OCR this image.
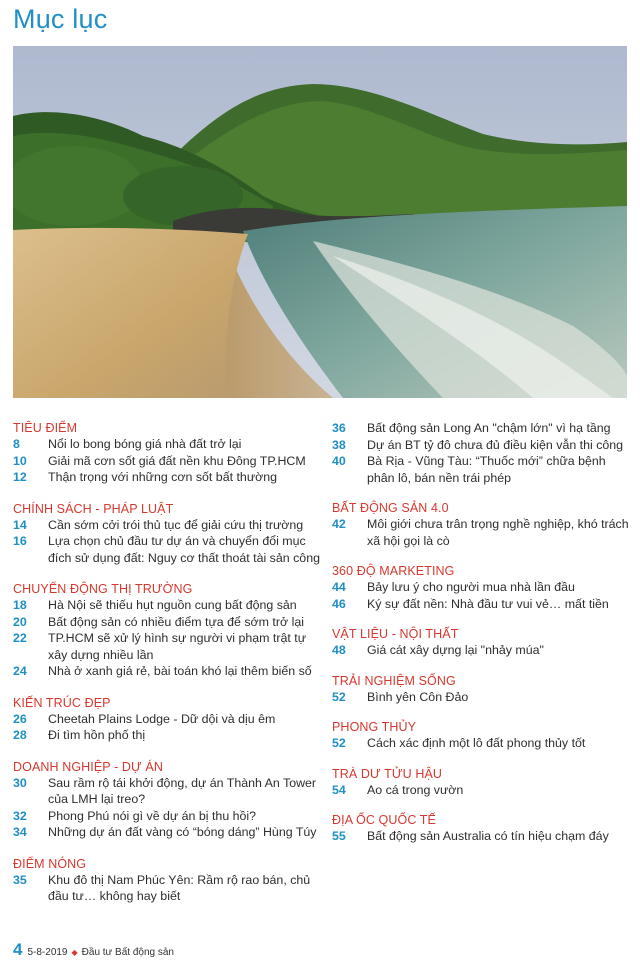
Mục lục
TIÊU ĐIỂM
8	Nổi lo bong bóng giá nhà đất trở lại
10	Giải mã cơn sốt giá đất nền khu Đông TP.HCM
12	Thận trọng với những cơn sốt bất thường
CHÍNH SÁCH - PHÁP LUẬT
14	Cần sớm cởi trói thủ tục để giải cứu thị trường
16	Lựa chọn chủ đầu tư dự án và chuyển đổi mục đích sử dụng đất: Nguy cơ thất thoát tài sản công
CHUYỂN ĐỘNG THỊ TRƯỜNG
18	Hà Nội sẽ thiếu hụt nguồn cung bất động sản
20	Bất động sản có nhiều điểm tựa để sớm trở lại
22	TP.HCM sẽ xử lý hình sự người vi phạm trật tự xây dựng nhiều lần
24	Nhà ở xanh giá rẻ, bài toán khó lại thêm biến số
KIẾN TRÚC ĐẸP
26	Cheetah Plains Lodge - Dữ dội và dịu êm
28	Đi tìm hồn phố thị
DOANH NGHIỆP - DỰ ÁN
30	Sau rầm rộ tái khởi động, dự án Thành An Tower của LMH lại treo?
32	Phong Phú nói gì về dự án bị thu hồi?
34	Những dự án đất vàng có “bóng dáng” Hùng Túy
ĐIỂM NÓNG
35	Khu đô thị Nam Phúc Yên: Rầm rộ rao bán, chủ đầu tư… không hay biết
36	Bất động sản Long An "chậm lớn" vì hạ tầng
38	Dự án BT tỷ đô chưa đủ điều kiện vẫn thi công
40	Bà Rịa - Vũng Tàu: “Thuốc mới” chữa bệnh phân lô, bán nền trái phép
BẤT ĐỘNG SẢN 4.0
42	Môi giới chưa trân trọng nghề nghiệp, khó trách xã hội gọi là cò
360 ĐỘ MARKETING
44	Bảy lưu ý cho người mua nhà lần đầu
46	Ký sự đất nền: Nhà đầu tư vui vẻ… mất tiền
VẬT LIỆU - NỘI THẤT
48	Giá cát xây dựng lại "nhảy múa"
TRẢI NGHIỆM SỐNG
52	Bình yên Côn Đảo
PHONG THỦY
52	Cách xác định một lô đất phong thủy tốt
TRÀ DƯ TỬU HẬU
54	Ao cá trong vườn
ĐỊA ỐC QUỐC TẾ
55	Bất động sản Australia có tín hiệu chạm đáy
4 5-8-2019 ◆ Đầu tư Bất động sản
